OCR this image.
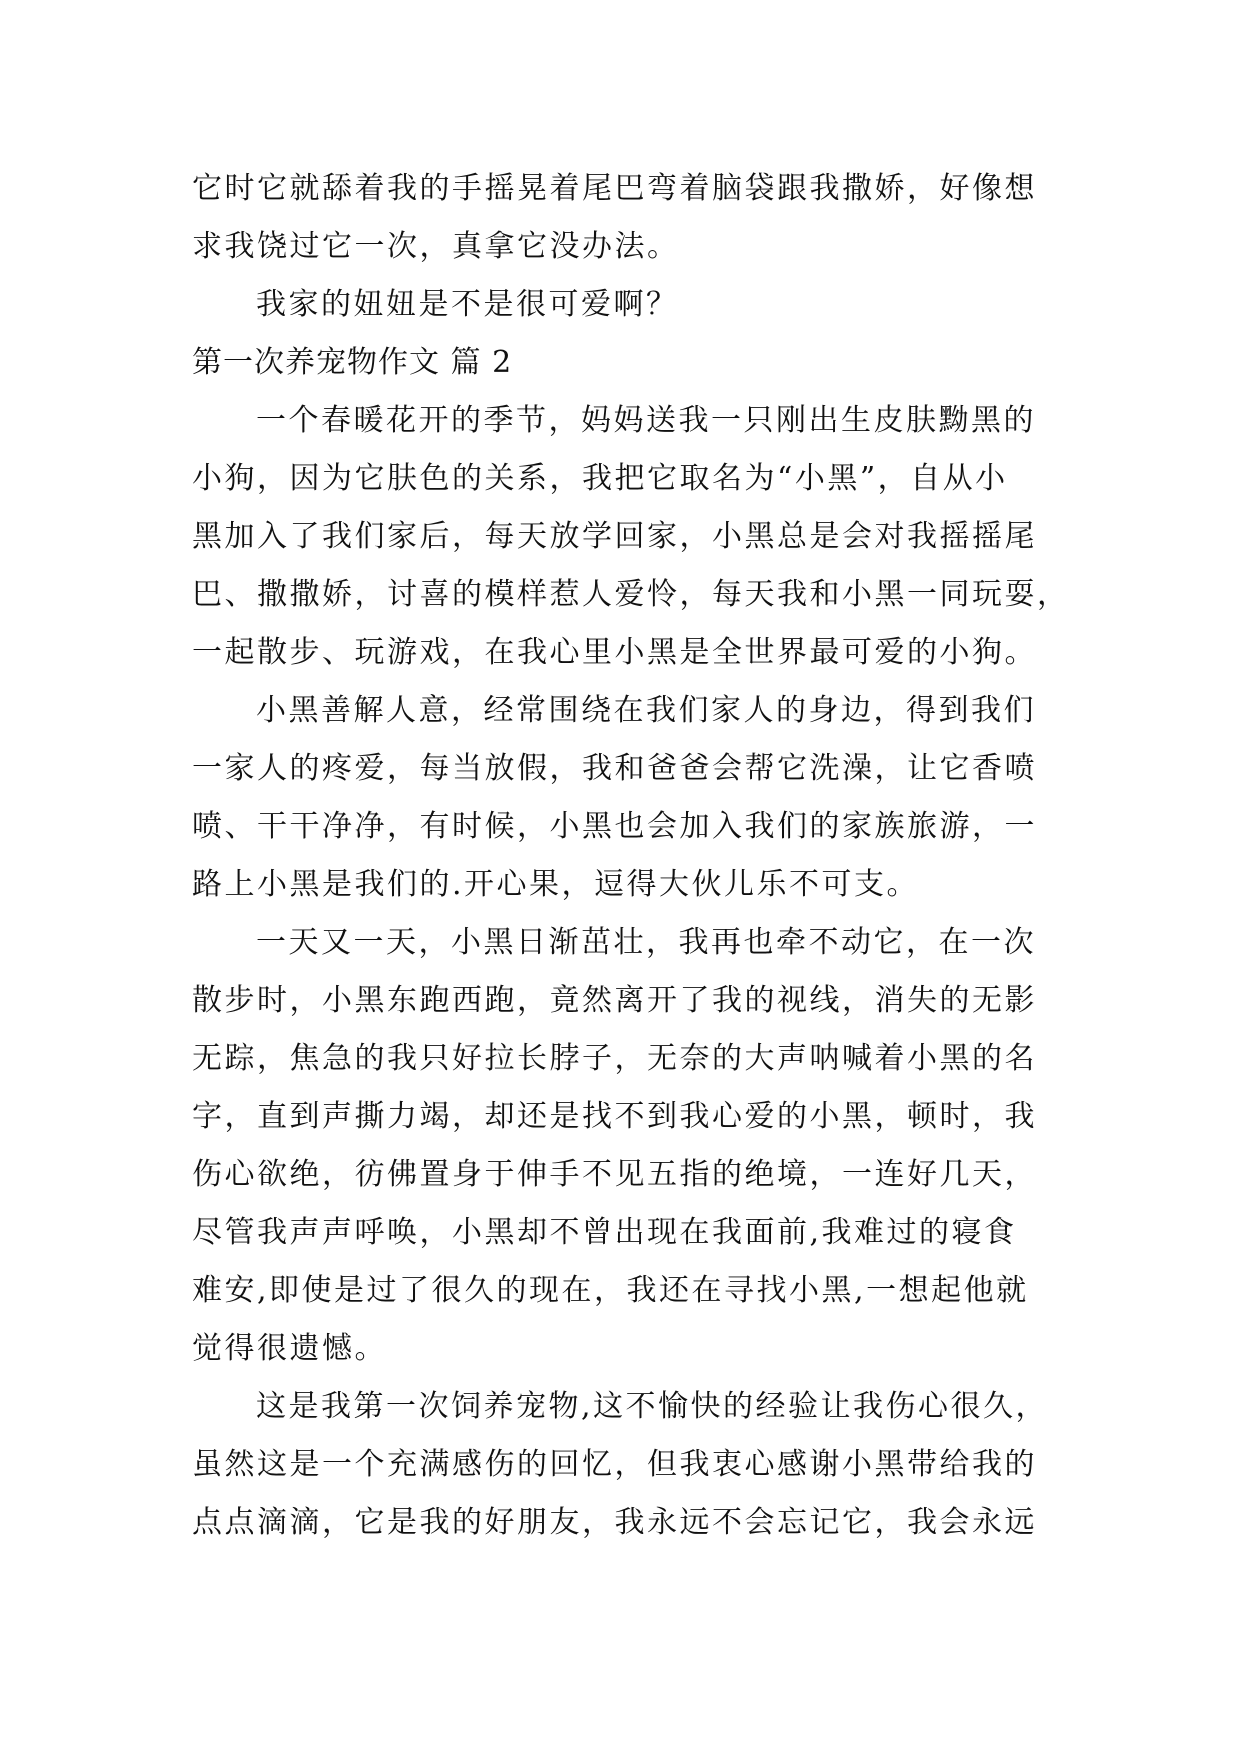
它时它就舔着我的手摇晃着尾巴弯着脑袋跟我撒娇，好像想
求我饶过它一次，真拿它没办法。
我家的妞妞是不是很可爱啊？
第一次养宠物作文 篇 2
一个春暖花开的季节，妈妈送我一只刚出生皮肤黝黑的
小狗，因为它肤色的关系，我把它取名为“小黑”，自从小
黑加入了我们家后，每天放学回家，小黑总是会对我摇摇尾
巴、撒撒娇，讨喜的模样惹人爱怜，每天我和小黑一同玩耍，
一起散步、玩游戏，在我心里小黑是全世界最可爱的小狗。
小黑善解人意，经常围绕在我们家人的身边，得到我们
一家人的疼爱，每当放假，我和爸爸会帮它洗澡，让它香喷
喷、干干净净，有时候，小黑也会加入我们的家族旅游，一
路上小黑是我们的.开心果，逗得大伙儿乐不可支。
一天又一天，小黑日渐茁壮，我再也牵不动它，在一次
散步时，小黑东跑西跑，竟然离开了我的视线，消失的无影
无踪，焦急的我只好拉长脖子，无奈的大声呐喊着小黑的名
字，直到声撕力竭，却还是找不到我心爱的小黑，顿时，我
伤心欲绝，彷佛置身于伸手不见五指的绝境，一连好几天，
尽管我声声呼唤，小黑却不曾出现在我面前,我难过的寝食
难安,即使是过了很久的现在，我还在寻找小黑,一想起他就
觉得很遗憾。
这是我第一次饲养宠物,这不愉快的经验让我伤心很久，
虽然这是一个充满感伤的回忆，但我衷心感谢小黑带给我的
点点滴滴，它是我的好朋友，我永远不会忘记它，我会永远
